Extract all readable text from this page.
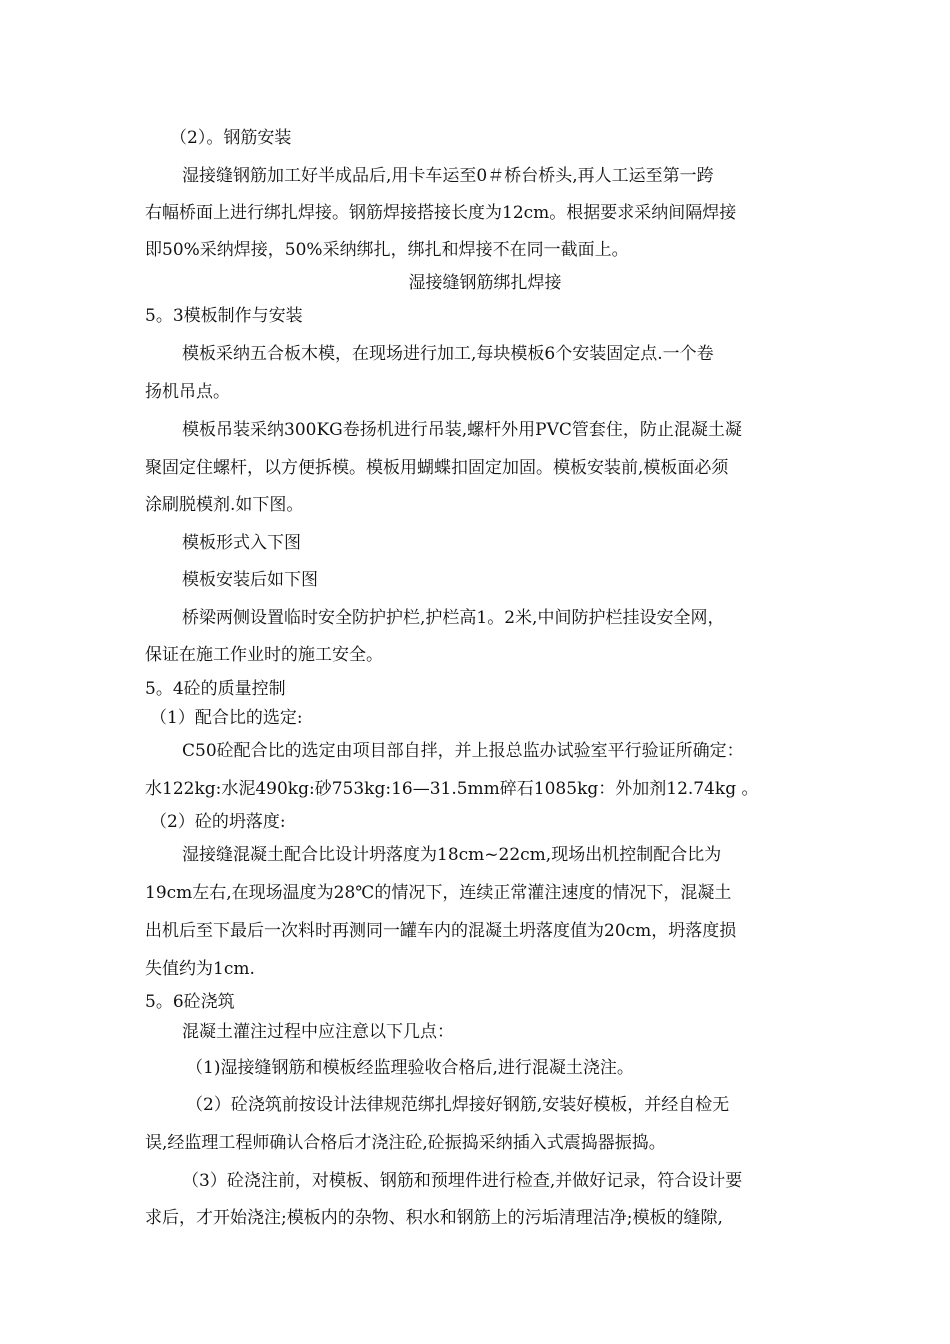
（2）。钢筋安装
湿接缝钢筋加工好半成品后,用卡车运至0＃桥台桥头,再人工运至第一跨
右幅桥面上进行绑扎焊接。钢筋焊接搭接长度为12cm。根据要求采纳间隔焊接
即50%采纳焊接，50%采纳绑扎，绑扎和焊接不在同一截面上。
湿接缝钢筋绑扎焊接
5。3模板制作与安装
模板采纳五合板木模，在现场进行加工,每块模板6个安装固定点.一个卷
扬机吊点。
模板吊装采纳300KG卷扬机进行吊装,螺杆外用PVC管套住，防止混凝土凝
聚固定住螺杆，以方便拆模。模板用蝴蝶扣固定加固。模板安装前,模板面必须
涂刷脱模剂.如下图。
模板形式入下图
模板安装后如下图
桥梁两侧设置临时安全防护护栏,护栏高1。2米,中间防护栏挂设安全网，
保证在施工作业时的施工安全。
5。4砼的质量控制
（1）配合比的选定:
C50砼配合比的选定由项目部自拌，并上报总监办试验室平行验证所确定：
水122kg:水泥490kg:砂753kg:16—31.5mm碎石1085kg：外加剂12.74kg 。
（2）砼的坍落度:
湿接缝混凝土配合比设计坍落度为18cm~22cm,现场出机控制配合比为
19cm左右,在现场温度为28℃的情况下，连续正常灌注速度的情况下，混凝土
出机后至下最后一次料时再测同一罐车内的混凝土坍落度值为20cm，坍落度损
失值约为1cm.
5。6砼浇筑
混凝土灌注过程中应注意以下几点：
（1)湿接缝钢筋和模板经监理验收合格后,进行混凝土浇注。
（2）砼浇筑前按设计法律规范绑扎焊接好钢筋,安装好模板，并经自检无
误,经监理工程师确认合格后才浇注砼,砼振捣采纳插入式震捣器振捣。
（3）砼浇注前，对模板、钢筋和预埋件进行检查,并做好记录，符合设计要
求后，才开始浇注;模板内的杂物、积水和钢筋上的污垢清理洁净;模板的缝隙,
